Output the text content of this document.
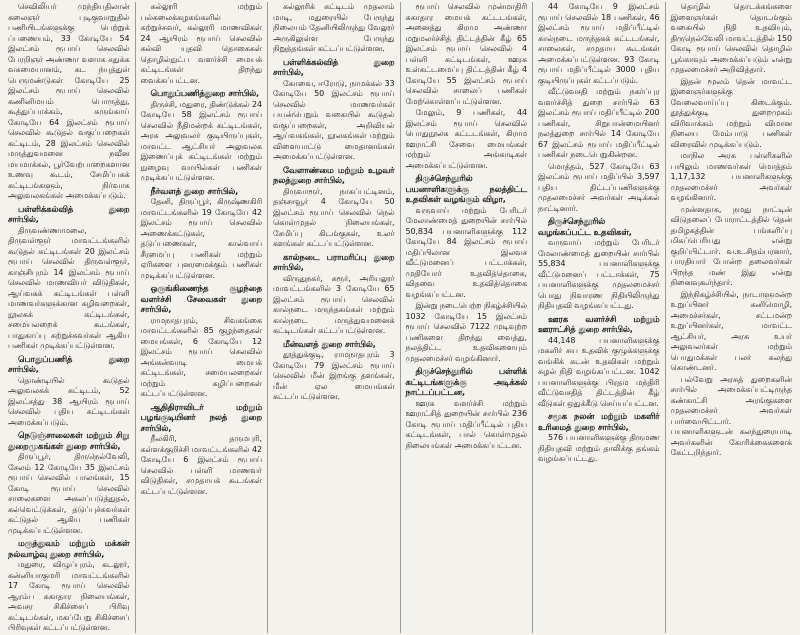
செவிலியர் முந்தியதிலான் கலைஞர் புடிகுவாறுதில் பணியிடங்களுக்கு பெற்றுக் ப்பணையம், 33 கோடியே 54 இலட்சம் ரூபாய் செலவில் பேரறிஞர் அண்ணா வளாக சதுக்க வசுமையானம், கட ந்யுத்துள் பெருமண்டுகள் கோடியே 25 இலட்சம் ரூபாய் செலவில் கணினிமயம் பொருத்து, கூத்துப்பாக்கம், கருங்காய் கோடியே 64 இலட்சம் ரூபாய் செலவில் கூடுதல் வகுப்பறைகள் கட்டிடம், 28 இலட்சம் செலவில் மருத்துவமனை நவீன மயமாக்கல், பூர்வேற்பாறைகளான உணவு கூடம், சேமிப்பகக் கட்டிடங்களும், நிர்வாக அலுவலகங்கள் அமைக்கப்படும்.

பள்ளிக்கல்வித் துறை சார்பில்,

திருவண்ணாமலை, திருவள்ளூர் மாவட்டங்களில் கூடுதல் கட்டிடங்கள் 20 இலட்சம் ரூபாய் செலவில் திருவள்ளூர், காஞ்சிபுரம் 14 இலட்சம் ரூபாய் செலவில் மாணவியர் விடுதிகள், ஆய்வகக் கட்டிடங்கள் பள்ளி மாணவர்களுக்கான கழிவறைகள், நூலகக் கட்டிடங்கள், சமையலறைக் கூடங்கள், பாதுகாப்பு சுற்றுச்சுவர்கள் ஆகிய பணிகள் முடிக்கப்பட்டுள்ளன.

பொதுப்பணித் துறை சார்பில்,

தொண்டியில் கூடுதல் அலுவலகக் கட்டிடம், 52 இலட்சத்து 38 ஆயிரம் ரூபாய் செலவில் புதிய கட்டிடங்கள் அமைக்கப்படும்.

நெடுஞ்சாலைகள் மற்றும் சிறு துறைமுகங்கள் துறை சார்பில்,

திருப்பூர், திருநெல்வேலி, சேலம் 12 கோடியே 35 இலட்சம் ரூபாய் செலவில் பாலங்கள், 15 கோடி ரூபாய் செலவில் சாலைகளை அகலப்படுத்துதல், கல்வெட்டுக்கள், தடுப்புச்சுவர்கள் கட்டுதல் ஆகிய பணிகள் முடிக்கப்பட்டுள்ளன.

மருத்துவம் மற்றும் மக்கள் நல்வாழ்வு துறை சார்பில்,

மதுரை, விழுப்புரம், கடலூர், கன்னியாகுமரி மாவட்டங்களில் 17 கோடி ரூபாய் செலவில் ஆரம்ப சுகாதார நிலையங்கள், அவசர சிகிச்சைப் பிரிவு கட்டிடங்கள், மகப்பேறு சிகிச்சைப் பிரிவுகள் கட்டப்பட்டுள்ளன.

கல்லூரி மற்றும் பல்கலைக்கழகங்களில் சுற்றுச்சுவர், கல்லூரி மாணவிகள் 24 ஆயிரம் ரூபாய் செலவில் கல்வி யுதவி தொகைகள் தொழில்நுட்ப வளர்ச்சி மையக் கட்டிடங்கள் திறந்து வைக்கப்பட்டன.

பொதுப்பணித்துறை சார்பில்,

திருச்சி, மதுரை, திண்டுக்கல் 24 கோடியே 58 இலட்சம் ரூபாய் செலவில் நீதிமன்றக் கட்டிடங்கள், அரசு அலுவலர் குடியிருப்புகள், மாவட்ட ஆட்சியர் அலுவலக இணைப்புக் கட்டிடங்கள் மற்றும் நுழைவு வாயில்கள் பணிகள் முடிக்கப்பட்டுள்ளன.

நீர்வளத் துறை சார்பில்,

தேனி, திருப்பூர், கிருஷ்ணகிரி மாவட்டங்களில் 19 கோடியே 42 இலட்சம் ரூபாய் செலவில் அணைக்கட்டுகள், தடுப்பணைகள், கால்வாய் சீரமைப்பு பணிகள் மற்றும் ஏரிகளை புனரமைக்கும் பணிகள் முடிக்கப்பட்டுள்ளன.

ஒருங்கிணைந்த குழந்தை வளர்ச்சி சேவைகள் துறை சார்பில்,

ராமநாதபுரம், சிவகங்கை மாவட்டங்களில் 85 குழந்தைகள் மையங்கள், 6 கோடியே 12 இலட்சம் ரூபாய் செலவில் அங்கன்வாடி மையக் கட்டிடங்கள், சமையலறைகள் மற்றும் கழிப்பறைகள் கட்டப்பட்டுள்ளன.

ஆதிதிராவிடர் மற்றும் பழங்குடியினர் நலத் துறை சார்பில்,

நீலகிரி, தருமபுரி, கள்ளக்குறிச்சி மாவட்டங்களில் 42 கோடியே 6 இலட்சம் ரூபாய் செலவில் பள்ளி மாணவர் விடுதிகள், சமுதாயக் கூடங்கள் கட்டப்பட்டுள்ளன.

கல்லூரிக் கட்டிடம் முதலாம் மாடி, மதுரையில் பேருந்து நிலையம் தேனியிலிருந்து வேலூர் அருகிலுள்ள பேருந்து நிறுத்தங்கள் கட்டப்பட்டுள்ளன.

பள்ளிக்கல்வித் துறை சார்பில்,

கோவை, ஈரோடு, நாமக்கல் 33 கோடியே 50 இலட்சம் ரூபாய் செலவில் மாணவர்கள் பயன்பெறும் வகையில் கூடுதல் வகுப்பறைகள், அறிவியல் ஆய்வகங்கள், நூலகங்கள் மற்றும் விளையாட்டு மைதானங்கள் அமைக்கப்பட்டுள்ளன.

வேளாண்மை மற்றும் உழவர் நலத்துறை சார்பில்,

திருவாரூர், நாகப்பட்டினம், தஞ்சாவூர் 4 கோடியே 50 இலட்சம் ரூபாய் செலவில் நெல் கொள்முதல் நிலையங்கள், சேமிப்பு கிடங்குகள், உலர் களங்கள் கட்டப்பட்டுள்ளன.

கால்நடை பராமரிப்பு துறை சார்பில்,

விருதுநகர், கரூர், அரியலூர் மாவட்டங்களில் 3 கோடியே 65 இலட்சம் ரூபாய் செலவில் கால்நடை மருந்தகங்கள் மற்றும் கால்நடை மருத்துவமனைக் கட்டிடங்கள் கட்டப்பட்டுள்ளன.

மீன்வளத் துறை சார்பில்,

தூத்துக்குடி, ராமநாதபுரம் 3 கோடியே 79 இலட்சம் ரூபாய் செலவில் மீன் இறங்கு தளங்கள், மீன் ஏல மையங்கள் கட்டப்பட்டுள்ளன.

ரூபாய் செலவில் முன்மாதிரி சுகாதார மையக் கட்டடங்கள், அனைத்து கிராம அண்ணா மறுமலர்ச்சித் திட்டத்தின் கீழ் 65 இலட்சம் ரூபாய் செலவில் 4 பள்ளி கட்டிடங்கள், ஊரக உள்கட்டமைப்பு திட்டத்தின் கீழ் 4 கோடியே 55 இலட்சம் ரூபாய் செலவில் சாலைப் பணிகள் மேற்கொள்ளப்பட்டுள்ளன.

மேலும், 9 பணிகள், 44 இலட்சம் ரூபாய் செலவில் பொதுநூலக கட்டடங்கள், கிராம ஊராட்சி சேவை மையங்கள் மற்றும் அங்காடிகள் அமைக்கப்பட்டுள்ளன.

திருச்செந்தூரில் பயனாளிகளுக்கு நலத்திட்ட உதவிகள் வழங்கும் விழா,

வருவாய் மற்றும் பேரிடர் மேலாண்மைத் துறையின் சார்பில் 50,834 பயனாளிகளுக்கு 112 கோடியே 84 இலட்சம் ரூபாய் மதிப்பிலான இலவச வீட்டுமனைப் பட்டாக்கள், முதியோர் உதவித்தொகை, விதவை உதவித்தொகை வழங்கப்பட்டன.

இன்று நடைபெற்ற நிகழ்ச்சியில் 1032 கோடியே 15 இலட்சம் ரூபாய் செலவில் 7122 முடிவுற்ற பணிகளை திறந்து வைத்து, நலத்திட்ட உதவிகளையும் முதலமைச்சர் வழங்கினார்.

திருச்செந்தூரில் பள்ளிக் கட்டிடங்களுக்கு அடிக்கல் நாட்டப்பட்டன,

ஊரக வளர்ச்சி மற்றும் ஊராட்சித் துறையின் சார்பில் 236 கோடி ரூபாய் மதிப்பீட்டில் புதிய கட்டிடங்கள், பால் கொள்முதல் நிலையங்கள் அமைக்கப்பட்டன.

44 கோடியே 9 இலட்சம் ரூபாய் செலவில் 18 பணிகள், 46 இலட்சம் ரூபாய் மதிப்பீட்டில் கால்நடை மருந்தகக் கட்டடங்கள், சாலைகள், சமுதாய கூடங்கள் அமைக்கப்பட்டுள்ளன. 93 கோடி ரூபாய் மதிப்பீட்டில் 3000 புதிய குடியிருப்புகள் கட்டப்படும்.

வீட்டுவசதி மற்றும் நகர்ப்புர வளர்ச்சித் துறை சார்பில் 63 இலட்சம் ரூபாய் மதிப்பீட்டில் 200 பணிகள், சிறுபான்மையினர் நலத்துறை சார்பில் 14 கோடியே 67 இலட்சம் ரூபாய் மதிப்பீட்டில் பணிகள் நடைபெறுகின்றன.

மொத்தம், 527 கோடியே 63 இலட்சம் ரூபாய் மதிப்பில் 3,597 புதிய திட்டப்பணிகளுக்கு முதலமைச்சர் அவர்கள் அடிக்கல் நாட்டினார்.

திருச்செந்தூரில் வழங்கப்பட்ட உதவிகள்,

வருவாய் மற்றும் பேரிடர் மேலாண்மைத் துறையின் சார்பில் 55,834 பயனாளிகளுக்கு வீட்டுமனைப் பட்டாக்கள், 75 பயனாளிகளுக்கு முதலமைச்சர் பொது நிவாரண நிதியிலிருந்து நிதியுதவி வழங்கப்பட்டது.

ஊரக வளர்ச்சி மற்றும் ஊராட்சித் துறை சார்பில்,

44,148 பயனாளிகளுக்கு மகளிர் சுய உதவிக் குழுக்களுக்கு வங்கிக் கடன் உதவிகள் மற்றும் சுழல் நிதி வழங்கப்பட்டன. 1042 பயனாளிகளுக்கு பிரதம மந்திரி வீட்டுவசதித் திட்டத்தின் கீழ் வீடுகள் ஒதுக்கீடு செய்யப்பட்டன.

சமூக நலன் மற்றும் மகளிர் உரிமைத் துறை சார்பில்,

576 பயனாளிகளுக்கு திருமண நிதியுதவி மற்றும் தாலிக்கு தங்கம் வழங்கப்பட்டது.

தொழில் தொடக்கங்களை இளைஞர்கள் தொடங்கும் வகையில் நிதி உதவியும், திருநெல்வேலி மாவட்டத்தில் 150 கோடி ரூபாய் செலவில் தொழில் பூங்காவும் அமைக்கப்படும் என்று முதலமைச்சர் அறிவித்தார்.

இதன் மூலம் தென் மாவட்ட இளைஞர்களுக்கு வேலைவாய்ப்பு கிடைக்கும். தூத்துக்குடி துறைமுகம் விரிவாக்கம் மற்றும் விமான நிலைய மேம்பாடு பணிகள் விரைவில் முடிக்கப்படும்.

மாநில அரசு பள்ளிகளில் பயிலும் மாணவர்கள் மொத்தம் 1,17,132 பயனாளிகளுக்கு முதலமைச்சர் அவர்கள் வழங்கினார்.

முன்னதாக, நமது நாட்டின் விடுதலைப் போராட்டத்தில் தென் தமிழகத்தின் பங்களிப்பு மிகப்பெரியது என்று குறிப்பிட்டார். வ.உ.சிதம்பரனார், பாரதியார் போன்ற தலைவர்கள் பிறந்த மண் இது என்று நினைவுகூர்ந்தார்.

இந்நிகழ்ச்சியில், நாடாளுமன்ற உறுப்பினர் கனிமொழி, அமைச்சர்கள், சட்டமன்ற உறுப்பினர்கள், மாவட்ட ஆட்சியர், அரசு உயர் அலுவலர்கள் மற்றும் பொதுமக்கள் பலர் கலந்து கொண்டனர்.

பல்வேறு அரசுத் துறைகளின் சார்பில் அமைக்கப்பட்டிருந்த கண்காட்சி அரங்குகளை முதலமைச்சர் அவர்கள் பார்வையிட்டார். பயனாளிகளுடன் கலந்துரையாடி அவர்களின் கோரிக்கைகளைக் கேட்டறிந்தார்.
